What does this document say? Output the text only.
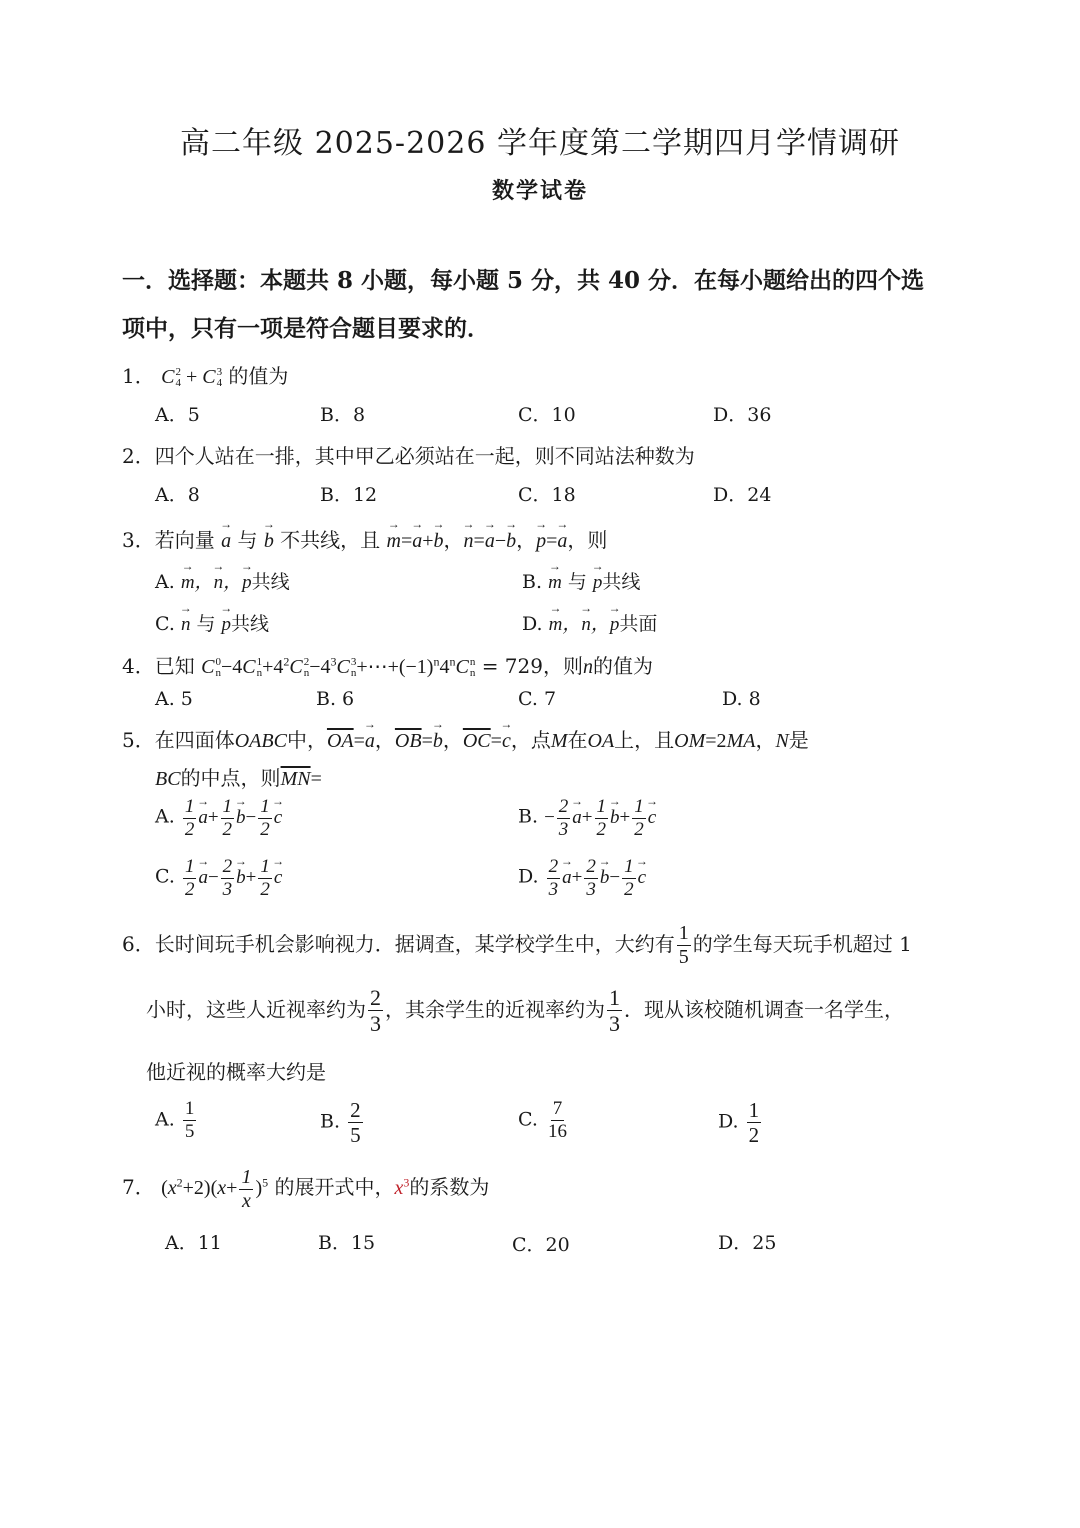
高二年级 2025-2026 学年度第二学期四月学情调研
数学试卷
一．选择题：本题共 8 小题，每小题 5 分，共 40 分．在每小题给出的四个选
项中，只有一项是符合题目要求的．
1． C 2
4 + C 3
4 的值为
A．5	B．8	C．10	D．36
2．四个人站在一排，其中甲乙必须站在一起，则不同站法种数为
A．8	B．12	C．18	D．24
3．若向量 → a 与 → b 不共线，且 → m=→ a+→ b，→ n=→ a−→ b，→ p=→ a，则
A. → m，→ n，→ p共线	B. → m 与 → p共线
C. → n 与 → p共线	D. → m，→ n，→ p共面
4．已知 C 0
n −4C 1
$n +4^2C$ 2
$n -4^3C$ 3
$n +\cdots+(-1)^n4^nC$ n
n = 729，则n的值为
A. 5	B. 6	C. 7	D. 8
5．在四面体OABC中，$\overline{OA}=\to a$，$\overline{OB}=\to b$，$\overline{OC}=\to c$，点M在OA上，且OM=2MA，N是
BC的中点，则$\overline{MN}=$
A. $\frac{1}{2} \to a+ \frac{1}{2} \to b- \frac{1}{2} \to c$	B. − $\frac{2}{3} \to a+ \frac{1}{2} \to b+ \frac{1}{2} \to c$
C. $\frac{1}{2} \to a- \frac{2}{3} \to b+ \frac{1}{2} \to c$	D. $\frac{2}{3} \to a+ \frac{2}{3} \to b- \frac{1}{2} \to c$
6．长时间玩手机会影响视力．据调查，某学校学生中，大约有 $\frac{1}{5}$ 的学生每天玩手机超过 1
小时，这些人近视率约为 $\frac{2}{3}$ ，其余学生的近视率约为 $\frac{1}{3}$ ．现从该校随机调查一名学生，
他近视的概率大约是
A. $\frac{1}{5}$	B. $\frac{2}{5}$	C. $\frac{7}{16}$	D. $\frac{1}{2}$
7． $(x^2+2)(x+ \frac{1}{x} )^5$ 的展开式中，$x^3$的系数为
A．11	B．15	C．20	D．25
